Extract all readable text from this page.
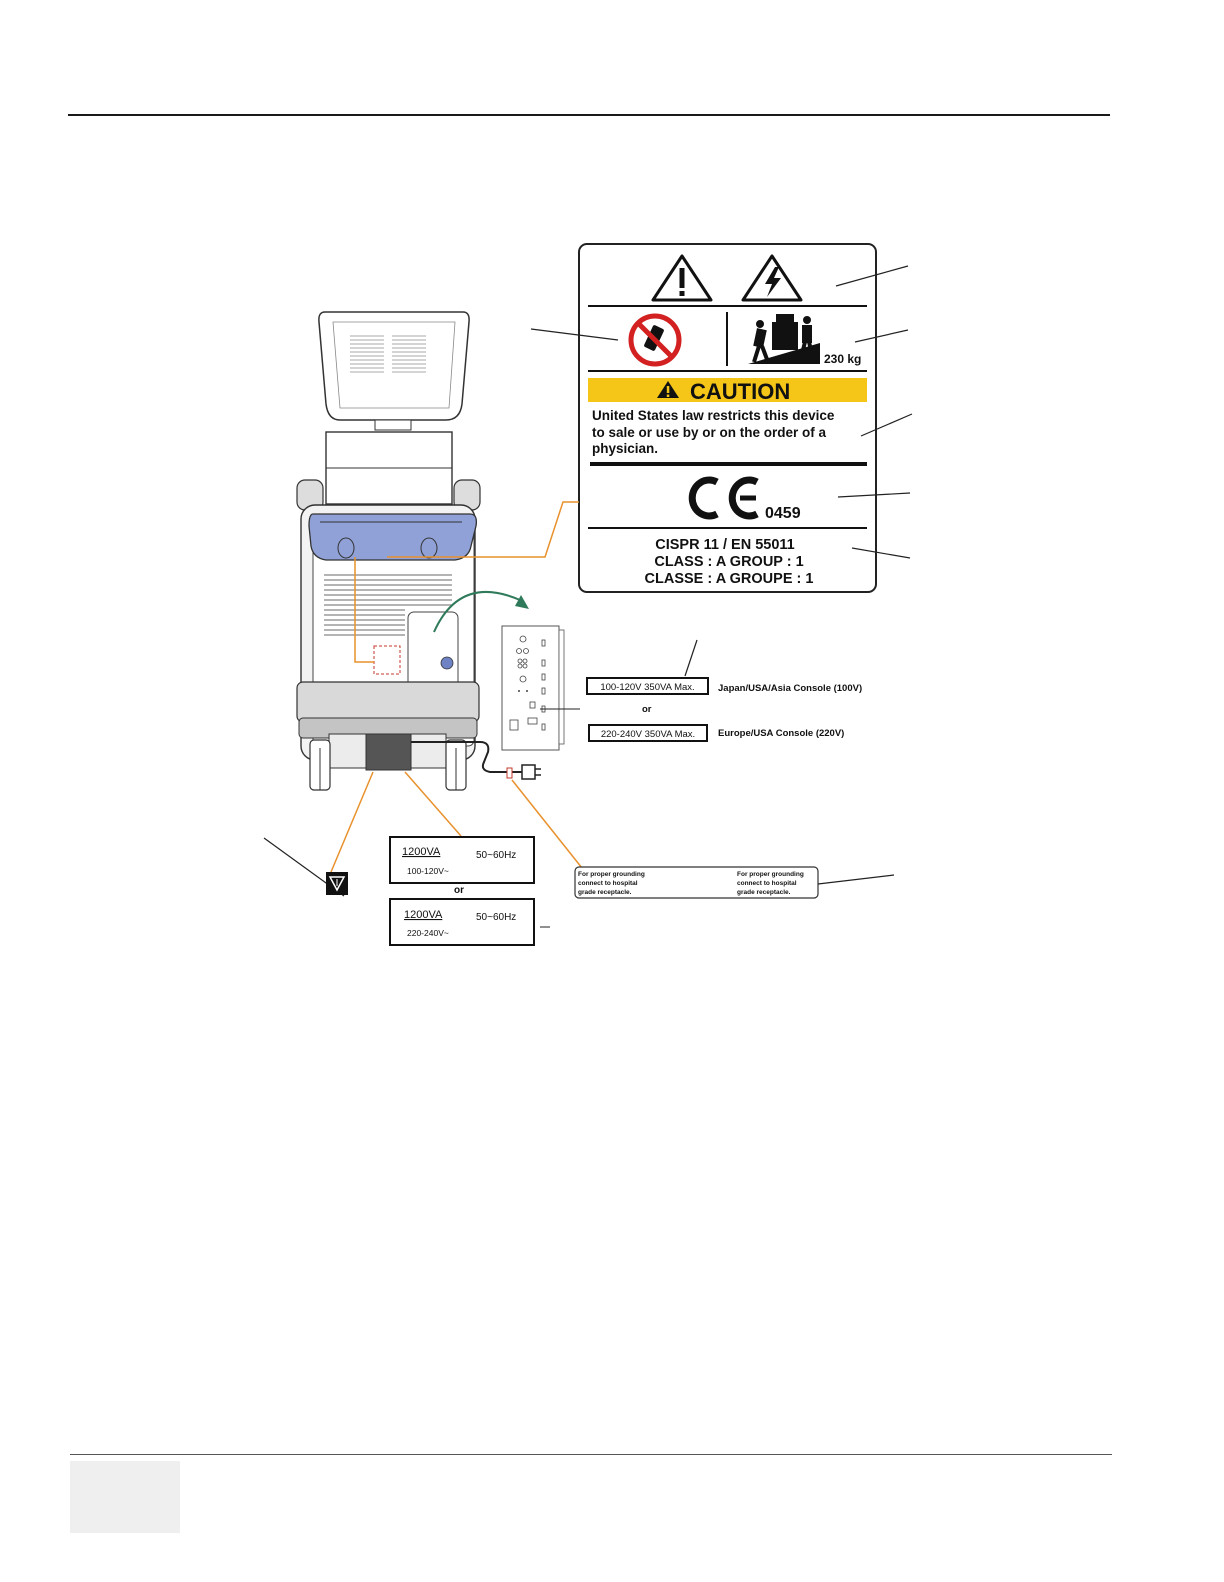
230 kg
CAUTION
United States law restricts this device
to sale or use by or on the order of a
physician.
0459
CISPR 11 / EN 55011
CLASS : A GROUP : 1
CLASSE : A GROUPE : 1
100-120V 350VA Max. Japan/USA/Asia Console (100V)
or
220-240V 350VA Max. Europe/USA Console (220V)
1200VA	50~60Hz
100-120V~
or
1200VA	50~60Hz
220-240V~
For proper grounding
connect to hospital
grade receptacle.
For proper grounding
connect to hospital
grade receptacle.
